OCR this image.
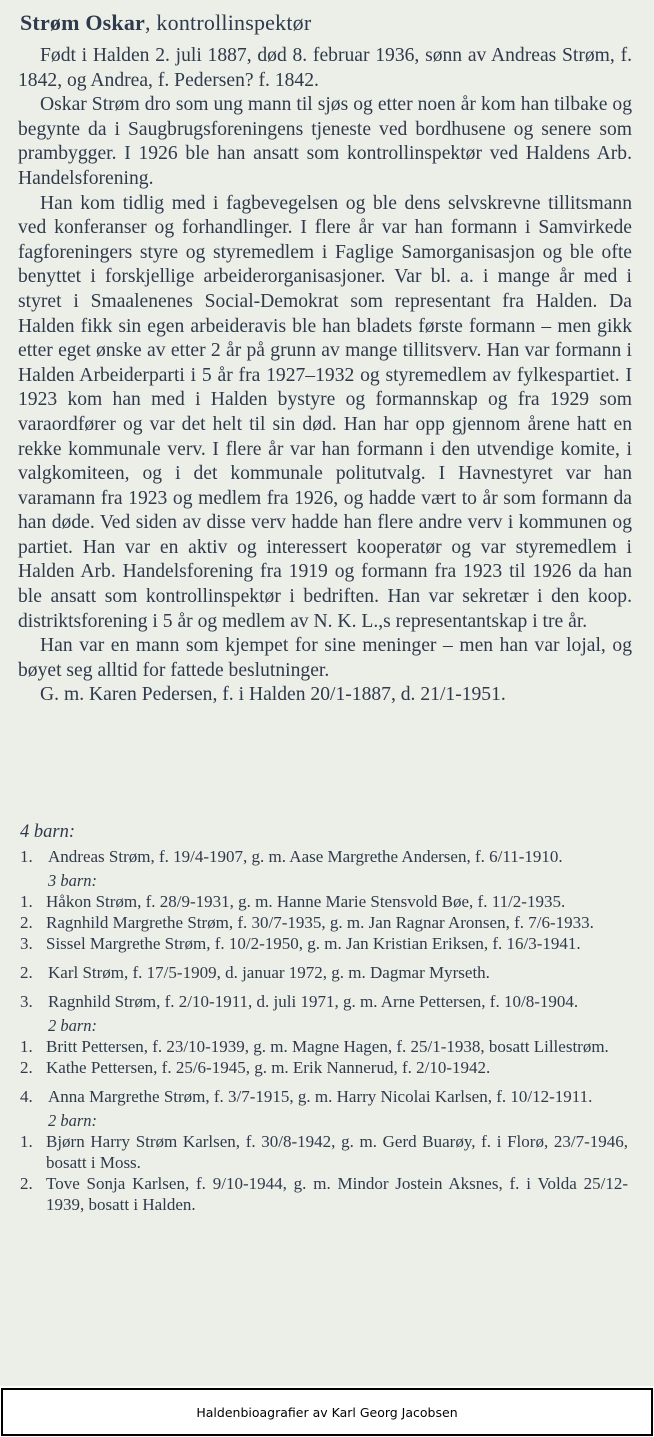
Strøm Oskar, kontrollinspektør

Født i Halden 2. juli 1887, død 8. februar 1936, sønn av Andreas Strøm, f. 1842, og Andrea, f. Pedersen? f. 1842.

Oskar Strøm dro som ung mann til sjøs og etter noen år kom han tilbake og begynte da i Saugbrugsforeningens tjeneste ved bordhusene og senere som prambygger. I 1926 ble han ansatt som kontrollinspektør ved Haldens Arb. Handelsforening.

Han kom tidlig med i fagbevegelsen og ble dens selvskrevne tillitsmann ved konferanser og forhandlinger. I flere år var han formann i Samvirkede fagforeningers styre og styremedlem i Faglige Samorganisasjon og ble ofte benyttet i forskjellige arbeiderorganisasjoner. Var bl. a. i mange år med i styret i Smaalenenes Social-Demokrat som representant fra Halden. Da Halden fikk sin egen arbeideravis ble han bladets første formann – men gikk etter eget ønske av etter 2 år på grunn av mange tillitsverv. Han var formann i Halden Arbeiderparti i 5 år fra 1927–1932 og styremedlem av fylkespartiet. I 1923 kom han med i Halden bystyre og formannskap og fra 1929 som varaordfører og var det helt til sin død. Han har opp gjennom årene hatt en rekke kommunale verv. I flere år var han formann i den utvendige komite, i valgkomiteen, og i det kommunale politutvalg. I Havnestyret var han varamann fra 1923 og medlem fra 1926, og hadde vært to år som formann da han døde. Ved siden av disse verv hadde han flere andre verv i kommunen og partiet. Han var en aktiv og interessert kooperatør og var styremedlem i Halden Arb. Handelsforening fra 1919 og formann fra 1923 til 1926 da han ble ansatt som kontrollinspektør i bedriften. Han var sekretær i den koop. distriktsforening i 5 år og medlem av N. K. L.,s representantskap i tre år.

Han var en mann som kjempet for sine meninger – men han var lojal, og bøyet seg alltid for fattede beslutninger.

G. m. Karen Pedersen, f. i Halden 20/1-1887, d. 21/1-1951.

4 barn:
1. Andreas Strøm, f. 19/4-1907, g. m. Aase Margrethe Andersen, f. 6/11-1910.
3 barn:
1. Håkon Strøm, f. 28/9-1931, g. m. Hanne Marie Stensvold Bøe, f. 11/2-1935.
2. Ragnhild Margrethe Strøm, f. 30/7-1935, g. m. Jan Ragnar Aronsen, f. 7/6-1933.
3. Sissel Margrethe Strøm, f. 10/2-1950, g. m. Jan Kristian Eriksen, f. 16/3-1941.
2. Karl Strøm, f. 17/5-1909, d. januar 1972, g. m. Dagmar Myrseth.
3. Ragnhild Strøm, f. 2/10-1911, d. juli 1971, g. m. Arne Pettersen, f. 10/8-1904.
2 barn:
1. Britt Pettersen, f. 23/10-1939, g. m. Magne Hagen, f. 25/1-1938, bosatt Lillestrøm.
2. Kathe Pettersen, f. 25/6-1945, g. m. Erik Nannerud, f. 2/10-1942.
4. Anna Margrethe Strøm, f. 3/7-1915, g. m. Harry Nicolai Karlsen, f. 10/12-1911.
2 barn:
1. Bjørn Harry Strøm Karlsen, f. 30/8-1942, g. m. Gerd Buarøy, f. i Florø, 23/7-1946, bosatt i Moss.
2. Tove Sonja Karlsen, f. 9/10-1944, g. m. Mindor Jostein Aksnes, f. i Volda 25/12-1939, bosatt i Halden.
Haldenbioagrafier av Karl Georg Jacobsen
